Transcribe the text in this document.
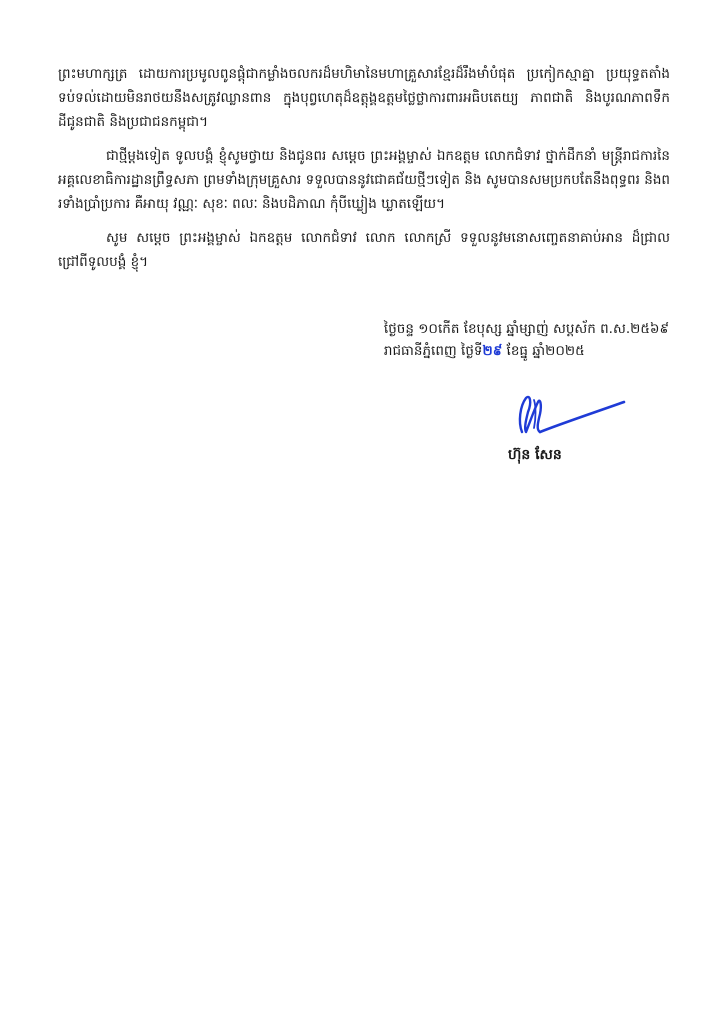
ព្រះមហាក្សត្រ ដោយការប្រមូលពូនផ្តុំជាកម្លាំងចលករដ៏មហិមានៃមហាគ្រួសារខ្មែរដ៏រឹងមាំបំផុត ប្រកៀកស្មាគ្នា ប្រយុទ្ធតតាំងទប់ទល់ដោយមិនរាថយនឹងសត្រូវឈ្លានពាន ក្នុងបុព្វហេតុដ៏ឧត្តុង្គឧត្តមថ្លៃថ្លាការពារអធិបតេយ្យ ភាពជាតិ និងបូរណភាពទឹកដីជូនជាតិ និងប្រជាជនកម្ពុជា។

ជាថ្មីម្តងទៀត ទូលបង្គំ ខ្ញុំសូមថ្វាយ និងជូនពរ សម្តេច ព្រះអង្គម្ចាស់ ឯកឧត្តម លោកជំទាវ ថ្នាក់ដឹកនាំ មន្ត្រីរាជការនៃអគ្គលេខាធិការដ្ឋានព្រឹទ្ធសភា ព្រមទាំងក្រុមគ្រួសារ ទទួលបាននូវជោគជ័យថ្មីៗទៀត និង សូមបានសមប្រកបតែនឹងពុទ្ធពរ និងពរទាំងប្រាំប្រការ គឺអាយុ វណ្ណៈ សុខៈ ពលៈ និងបដិភាណ កុំបីឃ្លៀង ឃ្លាតឡើយ។

សូម សម្តេច ព្រះអង្គម្ចាស់ ឯកឧត្តម លោកជំទាវ លោក លោកស្រី ទទួលនូវមនោសញ្ចេតនាគាប់អាន ដ៏ជ្រាលជ្រៅពីទូលបង្គំ ខ្ញុំ។

ថ្ងៃចន្ទ ១០កើត ខែបុស្ស ឆ្នាំម្សាញ់ សប្តស័ក ព.ស.២៥៦៩
រាជធានីភ្នំពេញ ថ្ងៃទី២៩ ខែធ្នូ ឆ្នាំ២០២៥
ហ៊ុន សែន
